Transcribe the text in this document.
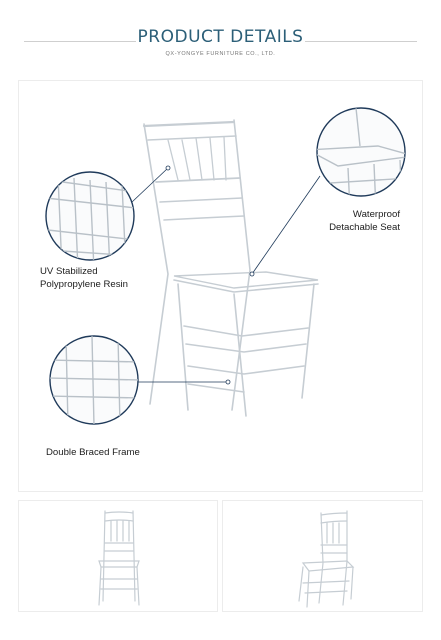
PRODUCT DETAILS
QX-YONGYE FURNITURE CO., LTD.
UV Stabilized
Polypropylene Resin
Waterproof
Detachable Seat
Double Braced Frame
